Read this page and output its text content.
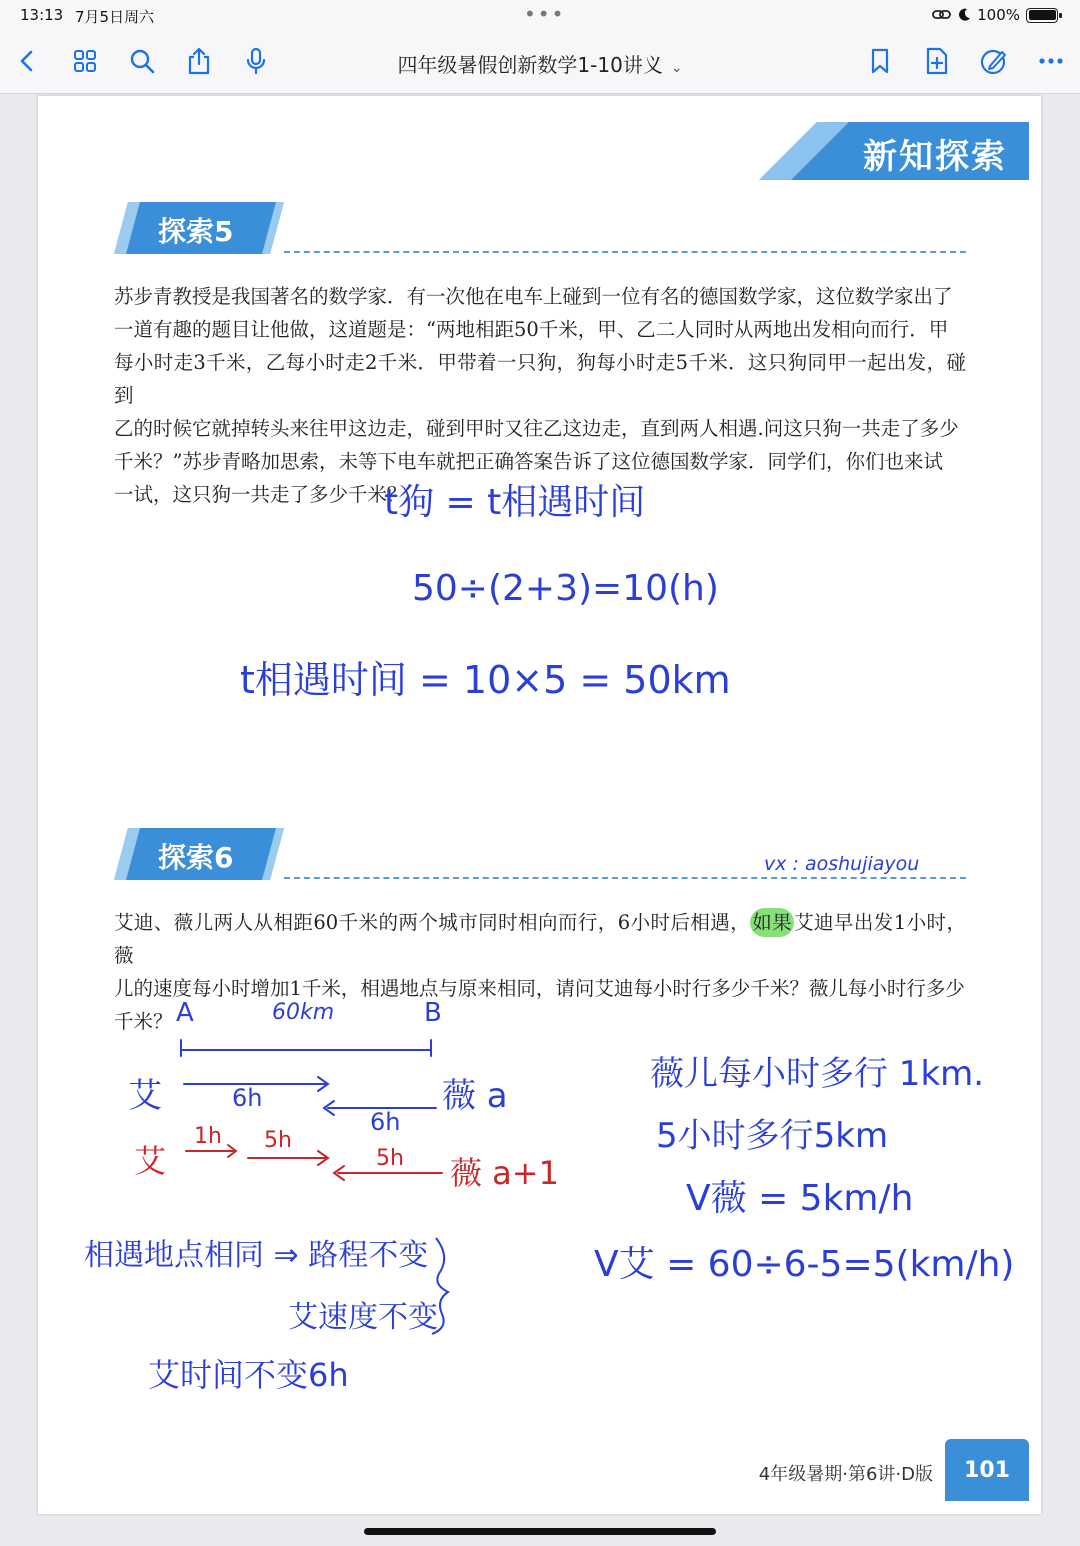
13:13 7月5日周六	•••	100%
四年级暑假创新数学1-10讲义 ⌄
新知探索
探索5
苏步青教授是我国著名的数学家．有一次他在电车上碰到一位有名的德国数学家，这位数学家出了
一道有趣的题目让他做，这道题是：“两地相距50千米，甲、乙二人同时从两地出发相向而行．甲
每小时走3千米，乙每小时走2千米．甲带着一只狗，狗每小时走5千米．这只狗同甲一起出发，碰到
乙的时候它就掉转头来往甲这边走，碰到甲时又往乙这边走，直到两人相遇.问这只狗一共走了多少
千米？”苏步青略加思索，未等下电车就把正确答案告诉了这位德国数学家．同学们，你们也来试
一试，这只狗一共走了多少千米？
t狗 = t相遇时间
50÷(2+3)=10(h)
t相遇时间 = 10×5 = 50km
探索6	vx : aoshujiayou
艾迪、薇儿两人从相距60千米的两个城市同时相向而行，6小时后相遇， 如果 艾迪早出发1小时，薇
儿的速度每小时增加1千米，相遇地点与原来相同，请问艾迪每小时行多少千米？薇儿每小时行多少
千米？ A	60km	B
艾	6h
6h
薇 a
艾
1h 5h
5h 薇 a+1
薇儿每小时多行 1km.
5小时多行5km
V薇 = 5km/h
V艾 = 60÷6-5=5(km/h)
相遇地点相同 ⇒ 路程不变
艾速度不变
艾时间不变6h
4年级暑期·第6讲·D版	101
